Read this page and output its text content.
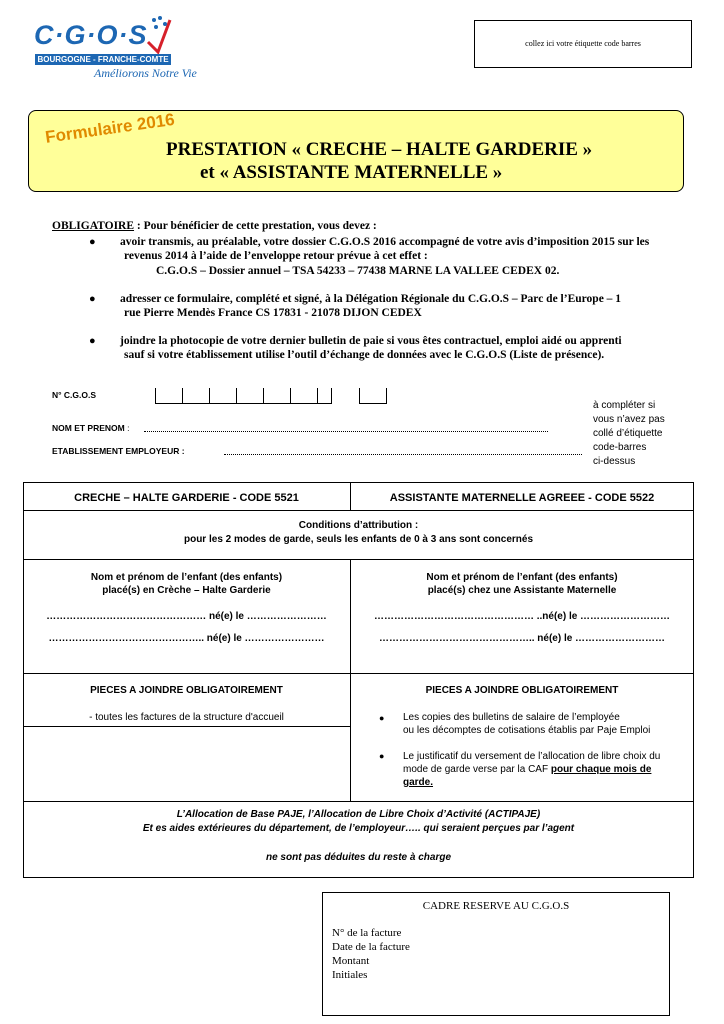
C·G·O·S
BOURGOGNE - FRANCHE-COMTE
Améliorons Notre Vie
collez ici votre étiquette code barres
Formulaire 2016
PRESTATION « CRECHE – HALTE GARDERIE »
et « ASSISTANTE MATERNELLE »
OBLIGATOIRE : Pour bénéficier de cette prestation, vous devez :
● avoir transmis, au préalable, votre dossier C.G.O.S 2016 accompagné de votre avis d’imposition 2015 sur les
revenus 2014 à l’aide de l’enveloppe retour prévue à cet effet :
C.G.O.S – Dossier annuel – TSA 54233 – 77438 MARNE LA VALLEE CEDEX 02.
● adresser ce formulaire, complété et signé, à la Délégation Régionale du C.G.O.S – Parc de l’Europe – 1
rue Pierre Mendès France CS 17831 - 21078 DIJON CEDEX
● joindre la photocopie de votre dernier bulletin de paie si vous êtes contractuel, emploi aidé ou apprenti
sauf si votre établissement utilise l’outil d’échange de données avec le C.G.O.S (Liste de présence).
N° C.G.O.S
NOM ET PRENOM :
ETABLISSEMENT EMPLOYEUR :
à compléter si
vous n’avez pas
collé d’étiquette
code-barres
ci-dessus
CRECHE – HALTE GARDERIE - CODE 5521	ASSISTANTE MATERNELLE AGREEE - CODE 5522
Conditions d’attribution :
pour les 2 modes de garde, seuls les enfants de 0 à 3 ans sont concernés
Nom et prénom de l’enfant (des enfants)
placé(s) en Crèche – Halte Garderie
………………………………………… né(e) le ……………………
……………………………………….. né(e) le ……………………
Nom et prénom de l’enfant (des enfants)
placé(s) chez une Assistante Maternelle
………………………………………… ..né(e) le ………………………
……………………………………….. né(e) le ………………………
PIECES A JOINDRE OBLIGATOIREMENT
- toutes les factures de la structure d'accueil
PIECES A JOINDRE OBLIGATOIREMENT
● Les copies des bulletins de salaire de l’employée
ou les décomptes de cotisations établis par Paje Emploi
● Le justificatif du versement de l’allocation de libre choix du
mode de garde verse par la CAF pour chaque mois de
garde.
L’Allocation de Base PAJE, l’Allocation de Libre Choix d’Activité (ACTIPAJE)
Et es aides extérieures du département, de l’employeur….. qui seraient perçues par l’agent
ne sont pas déduites du reste à charge
CADRE RESERVE AU C.G.O.S
N° de la facture
Date de la facture
Montant
Initiales
